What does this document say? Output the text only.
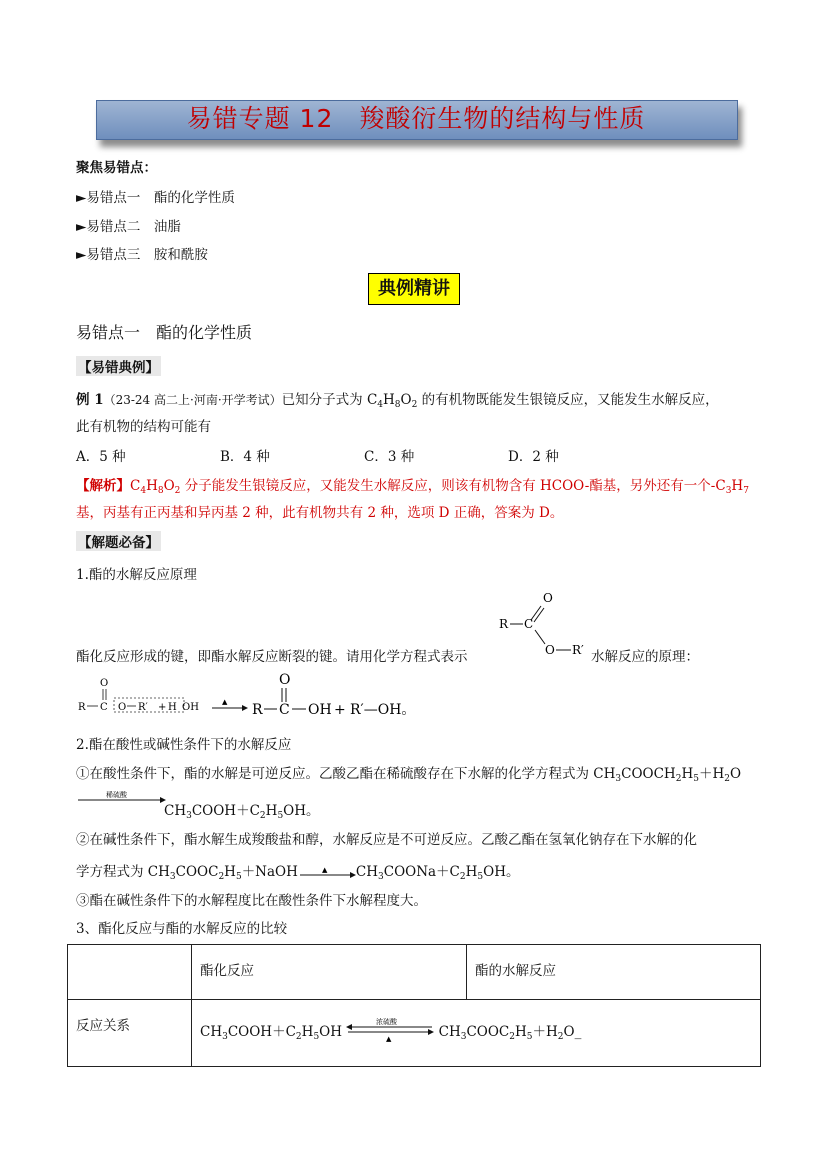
易错专题 12　羧酸衍生物的结构与性质
聚焦易错点：
►易错点一　酯的化学性质
►易错点二　油脂
►易错点三　胺和酰胺
典例精讲
易错点一　酯的化学性质
【易错典例】
例 1（23-24 高二上·河南·开学考试）已知分子式为 $C_4H_8O_2$ 的有机物既能发生银镜反应，又能发生水解反应，
此有机物的结构可能有
A．5 种	B．4 种	C．3 种	D．2 种
【解析】$C_4H_8O_2$ 分子能发生银镜反应，又能发生水解反应，则该有机物含有 HCOO-酯基，另外还有一个$-C_3H_7$
基，丙基有正丙基和异丙基 2 种，此有机物共有 2 种，选项 D 正确，答案为 D。
【解题必备】
1.酯的水解反应原理
O
R C
O R′
酯化反应形成的键，即酯水解反应断裂的键。请用化学方程式表示	水解反应的原理：
R C
O
O R′ + H OH	▲ R C
O
OH + R′—OH。
2.酯在酸性或碱性条件下的水解反应
①在酸性条件下，酯的水解是可逆反应。乙酸乙酯在稀硫酸存在下水解的化学方程式为 $CH_3COOCH_2H_5+H_2O$
稀硫酸
$CH_3COOH+C_2H_5OH$。
②在碱性条件下，酯水解生成羧酸盐和醇，水解反应是不可逆反应。乙酸乙酯在氢氧化钠存在下水解的化
学方程式为 $CH_3COOC_2H_5+NaOH$	▲ $CH_3COONa+C_2H_5OH$。
③酯在碱性条件下的水解程度比在酸性条件下水解程度大。
3、酯化反应与酯的水解反应的比较
	酯化反应	酯的水解反应
反应关系	$CH_3COOH+C_2H_5OH$
浓硫酸
▲ $CH_3COOC_2H_5+H_2O\_$	
